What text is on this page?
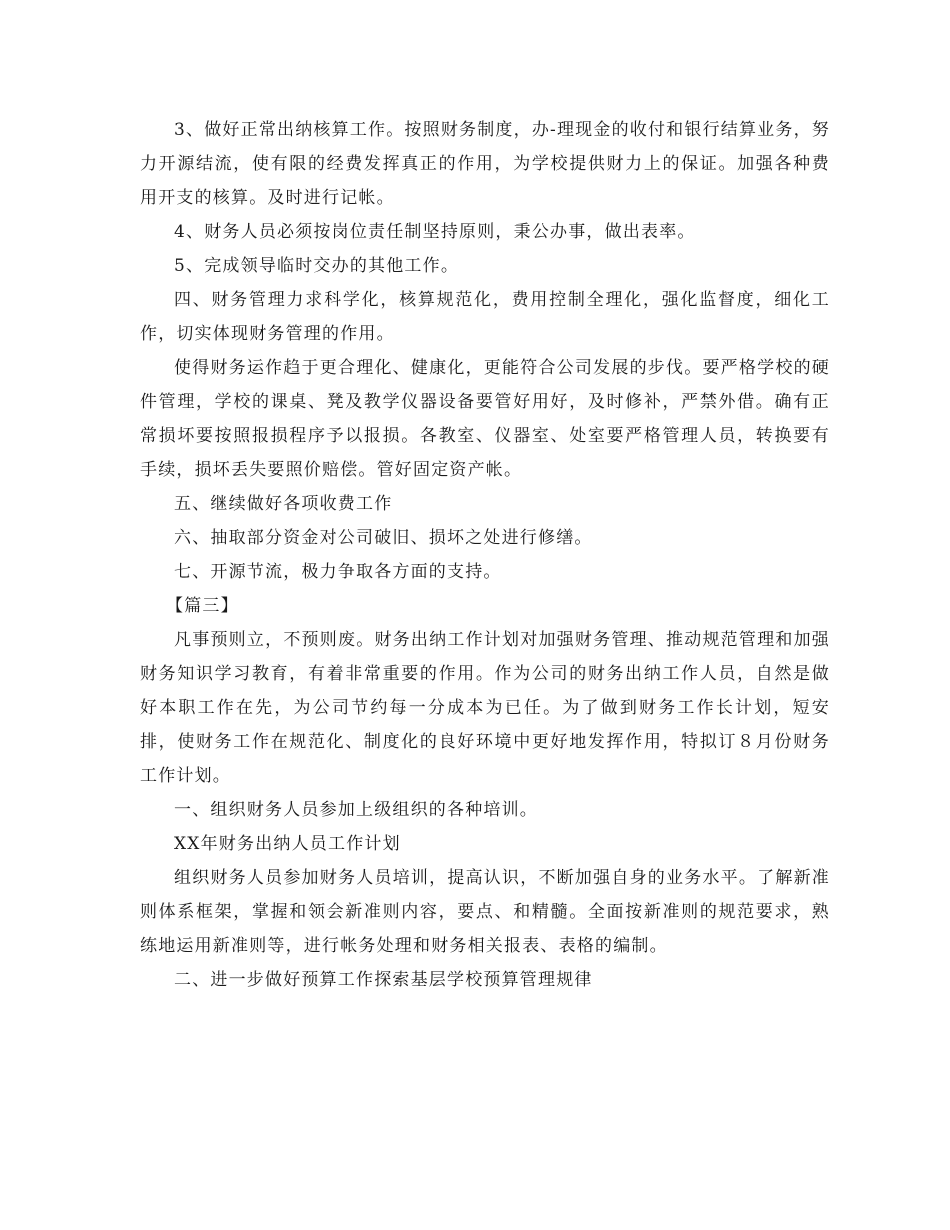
3、做好正常出纳核算工作。按照财务制度，办-理现金的收付和银行结算业务，努力开源结流，使有限的经费发挥真正的作用，为学校提供财力上的保证。加强各种费用开支的核算。及时进行记帐。

4、财务人员必须按岗位责任制坚持原则，秉公办事，做出表率。

5、完成领导临时交办的其他工作。

四、财务管理力求科学化，核算规范化，费用控制全理化，强化监督度，细化工作，切实体现财务管理的作用。

使得财务运作趋于更合理化、健康化，更能符合公司发展的步伐。要严格学校的硬件管理，学校的课桌、凳及教学仪器设备要管好用好，及时修补，严禁外借。确有正常损坏要按照报损程序予以报损。各教室、仪器室、处室要严格管理人员，转换要有手续，损坏丢失要照价赔偿。管好固定资产帐。

五、继续做好各项收费工作

六、抽取部分资金对公司破旧、损坏之处进行修缮。

七、开源节流，极力争取各方面的支持。

【篇三】

凡事预则立，不预则废。财务出纳工作计划对加强财务管理、推动规范管理和加强财务知识学习教育，有着非常重要的作用。作为公司的财务出纳工作人员，自然是做好本职工作在先，为公司节约每一分成本为已任。为了做到财务工作长计划，短安排，使财务工作在规范化、制度化的良好环境中更好地发挥作用，特拟订８月份财务工作计划。

一、组织财务人员参加上级组织的各种培训。

XX年财务出纳人员工作计划

组织财务人员参加财务人员培训，提高认识，不断加强自身的业务水平。了解新准则体系框架，掌握和领会新准则内容，要点、和精髓。全面按新准则的规范要求，熟练地运用新准则等，进行帐务处理和财务相关报表、表格的编制。

二、进一步做好预算工作探索基层学校预算管理规律
